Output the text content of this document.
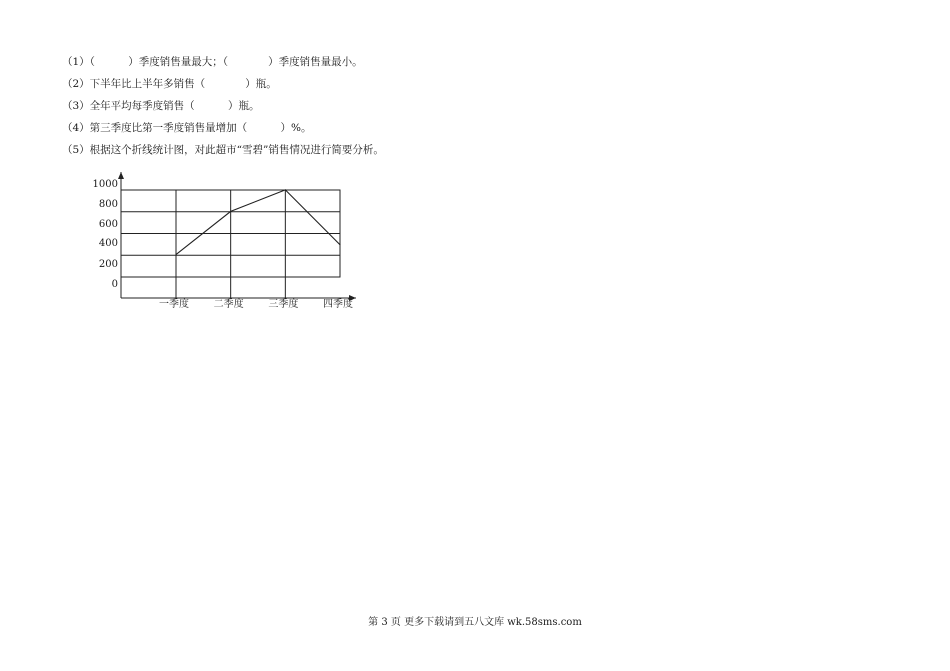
（1）（          ）季度销售量最大；（            ）季度销售量最小。
（2）下半年比上半年多销售（            ）瓶。
（3）全年平均每季度销售（          ）瓶。
（4）第三季度比第一季度销售量增加（          ）%。
（5）根据这个折线统计图，对此超市“雪碧”销售情况进行简要分析。
1000
800
600
400
200
0
一季度 二季度 三季度 四季度
第 3 页 更多下载请到五八文库 wk.58sms.com
